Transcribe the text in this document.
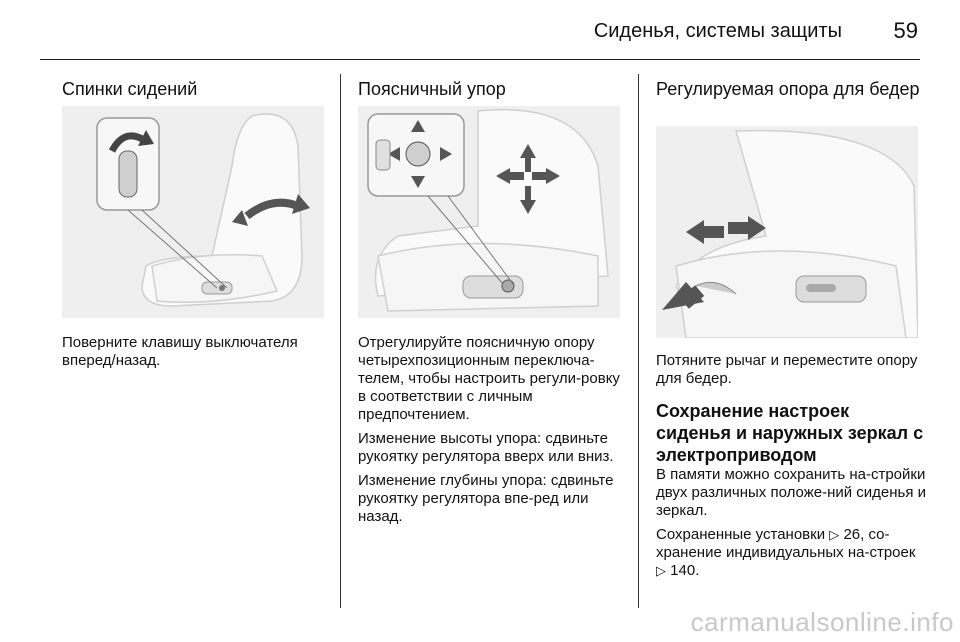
Сиденья, системы защиты 59
Спинки сидений

Поверните клавишу выключателя вперед/назад.

Поясничный упор

Отрегулируйте поясничную опору четырехпозиционным переключа-телем, чтобы настроить регули-ровку в соответствии с личным предпочтением.

Изменение высоты упора: сдвиньте рукоятку регулятора вверх или вниз.

Изменение глубины упора: сдвиньте рукоятку регулятора впе-ред или назад.

Регулируемая опора для бедер

Потяните рычаг и переместите опору для бедер.

Сохранение настроек сиденья и наружных зеркал с электроприводом

В памяти можно сохранить на-стройки двух различных положе-ний сиденья и зеркал.

Сохраненные установки ▷ 26, со-хранение индивидуальных на-строек ▷ 140.

carmanualsonline.info
